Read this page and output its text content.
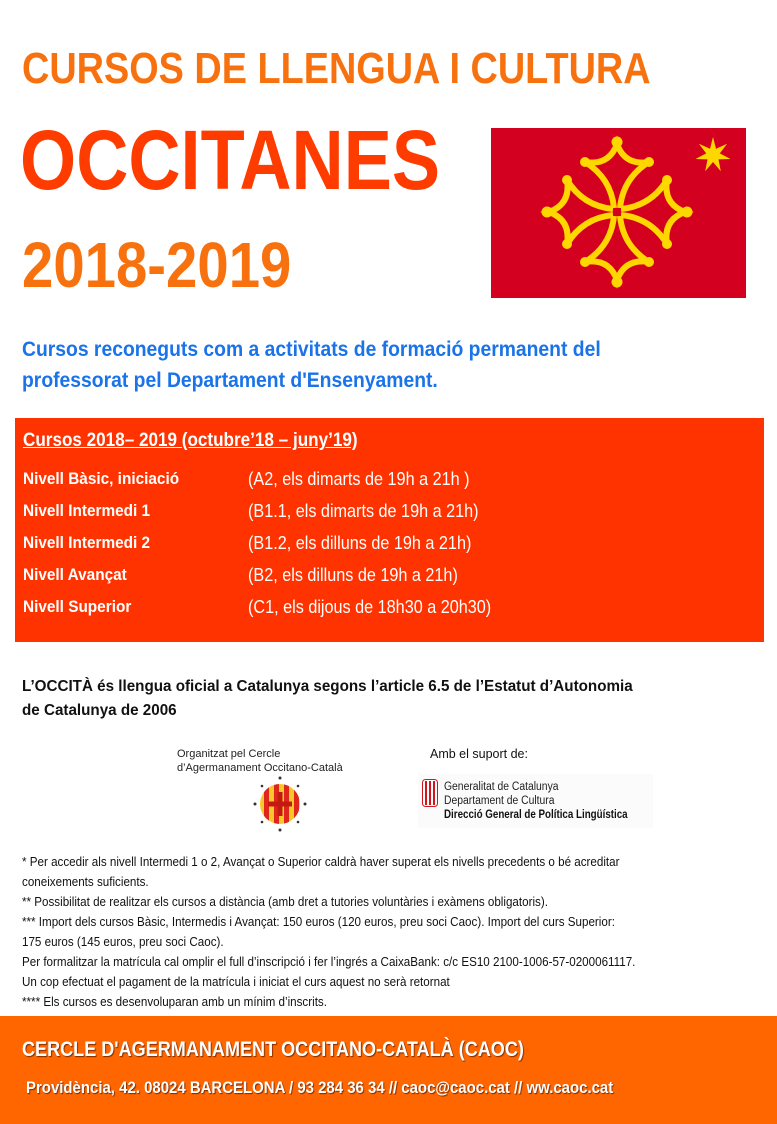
CURSOS DE LLENGUA I CULTURA
OCCITANES
2018-2019
Cursos reconeguts com a activitats de formació permanent del
professorat pel Departament d'Ensenyament.
Cursos 2018– 2019 (octubre’18 – juny’19)
Nivell Bàsic, iniciació	(A2, els dimarts de 19h a 21h )
Nivell Intermedi 1	(B1.1, els dimarts de 19h a 21h)
Nivell Intermedi 2	(B1.2, els dilluns de 19h a 21h)
Nivell Avançat	(B2, els dilluns de 19h a 21h)
Nivell Superior	(C1, els dijous de 18h30 a 20h30)
L’OCCITÀ és llengua oficial a Catalunya segons l’article 6.5 de l’Estatut d’Autonomia
de Catalunya de 2006
Organitzat pel Cercle
d’Agermanament Occitano-Català
Amb el suport de:
Generalitat de Catalunya
Departament de Cultura
Direcció General de Política Lingüística
* Per accedir als nivell Intermedi 1 o 2, Avançat o Superior caldrà haver superat els nivells precedents o bé acreditar
coneixements suficients.
** Possibilitat de realitzar els cursos a distància (amb dret a tutories voluntàries i exàmens obligatoris).
*** Import dels cursos Bàsic, Intermedis i Avançat: 150 euros (120 euros, preu soci Caoc). Import del curs Superior:
175 euros (145 euros, preu soci Caoc).
Per formalitzar la matrícula cal omplir el full d’inscripció i fer l’ingrés a CaixaBank: c/c ES10 2100-1006-57-0200061117.
Un cop efectuat el pagament de la matrícula i iniciat el curs aquest no serà retornat
**** Els cursos es desenvoluparan amb un mínim d’inscrits.
CERCLE D'AGERMANAMENT OCCITANO-CATALÀ (CAOC)
Providència, 42. 08024 BARCELONA / 93 284 36 34 // caoc@caoc.cat // ww.caoc.cat
